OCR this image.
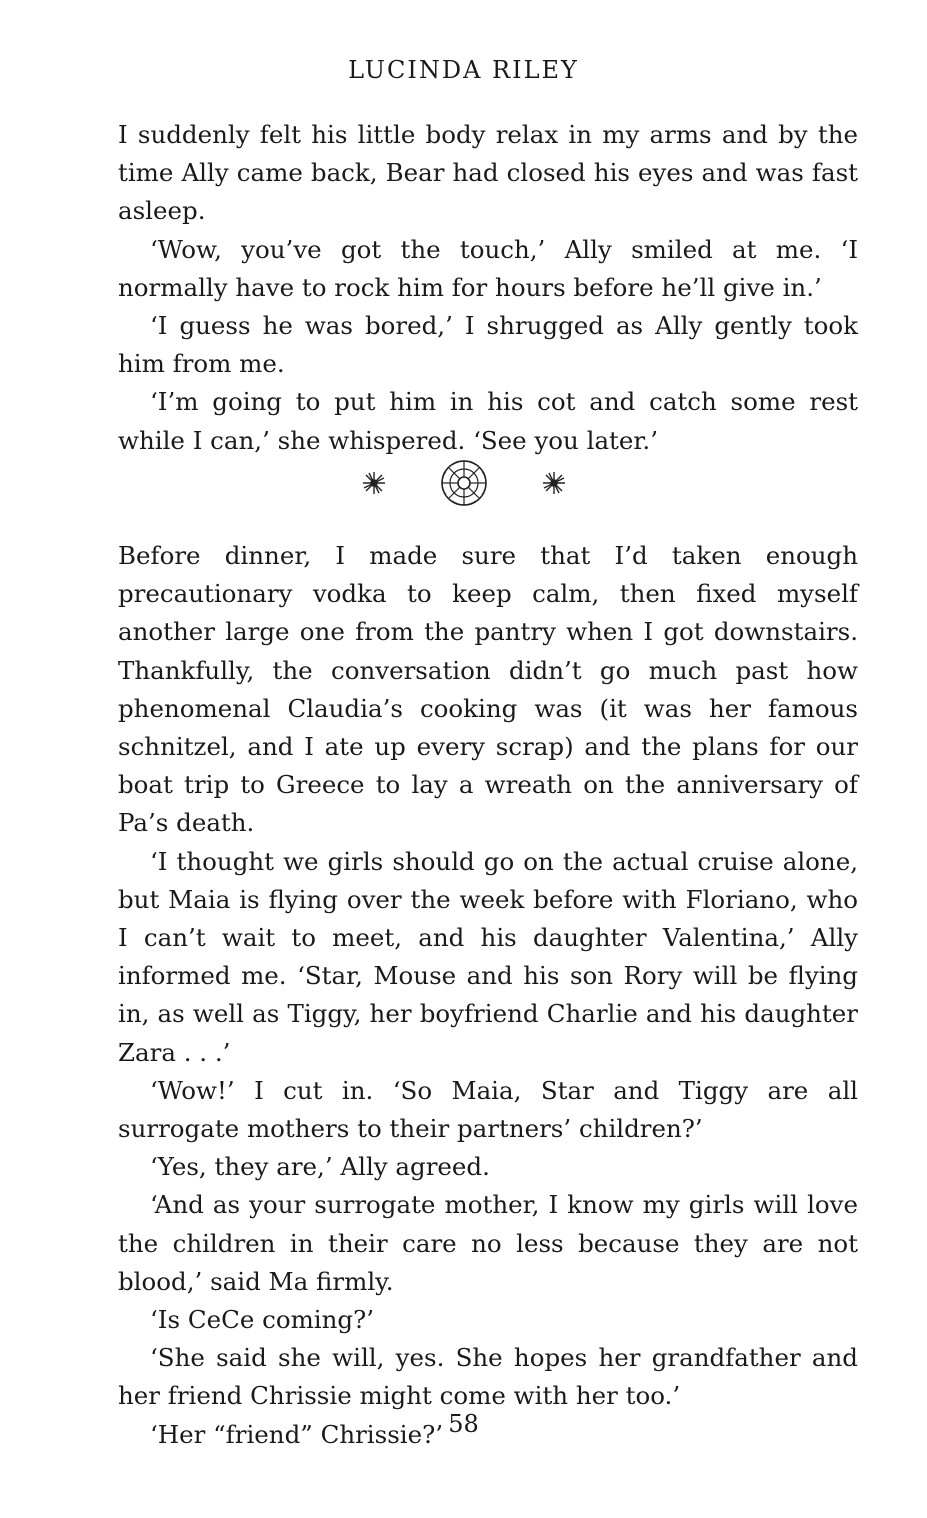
LUCINDA RILEY

I suddenly felt his little body relax in my arms and by the time Ally came back, Bear had closed his eyes and was fast asleep.

‘Wow, you’ve got the touch,’ Ally smiled at me. ‘I normally have to rock him for hours before he’ll give in.’

‘I guess he was bored,’ I shrugged as Ally gently took him from me.

‘I’m going to put him in his cot and catch some rest while I can,’ she whispered. ‘See you later.’

Before dinner, I made sure that I’d taken enough precautionary vodka to keep calm, then fixed myself another large one from the pantry when I got downstairs. Thankfully, the conversation didn’t go much past how phenomenal Claudia’s cooking was (it was her famous schnitzel, and I ate up every scrap) and the plans for our boat trip to Greece to lay a wreath on the anniversary of Pa’s death.

‘I thought we girls should go on the actual cruise alone, but Maia is flying over the week before with Floriano, who I can’t wait to meet, and his daughter Valentina,’ Ally informed me. ‘Star, Mouse and his son Rory will be flying in, as well as Tiggy, her boyfriend Charlie and his daughter Zara . . .’

‘Wow!’ I cut in. ‘So Maia, Star and Tiggy are all surrogate mothers to their partners’ children?’

‘Yes, they are,’ Ally agreed.

‘And as your surrogate mother, I know my girls will love the children in their care no less because they are not blood,’ said Ma firmly.

‘Is CeCe coming?’

‘She said she will, yes. She hopes her grandfather and her friend Chrissie might come with her too.’

‘Her “friend” Chrissie?’ 58
